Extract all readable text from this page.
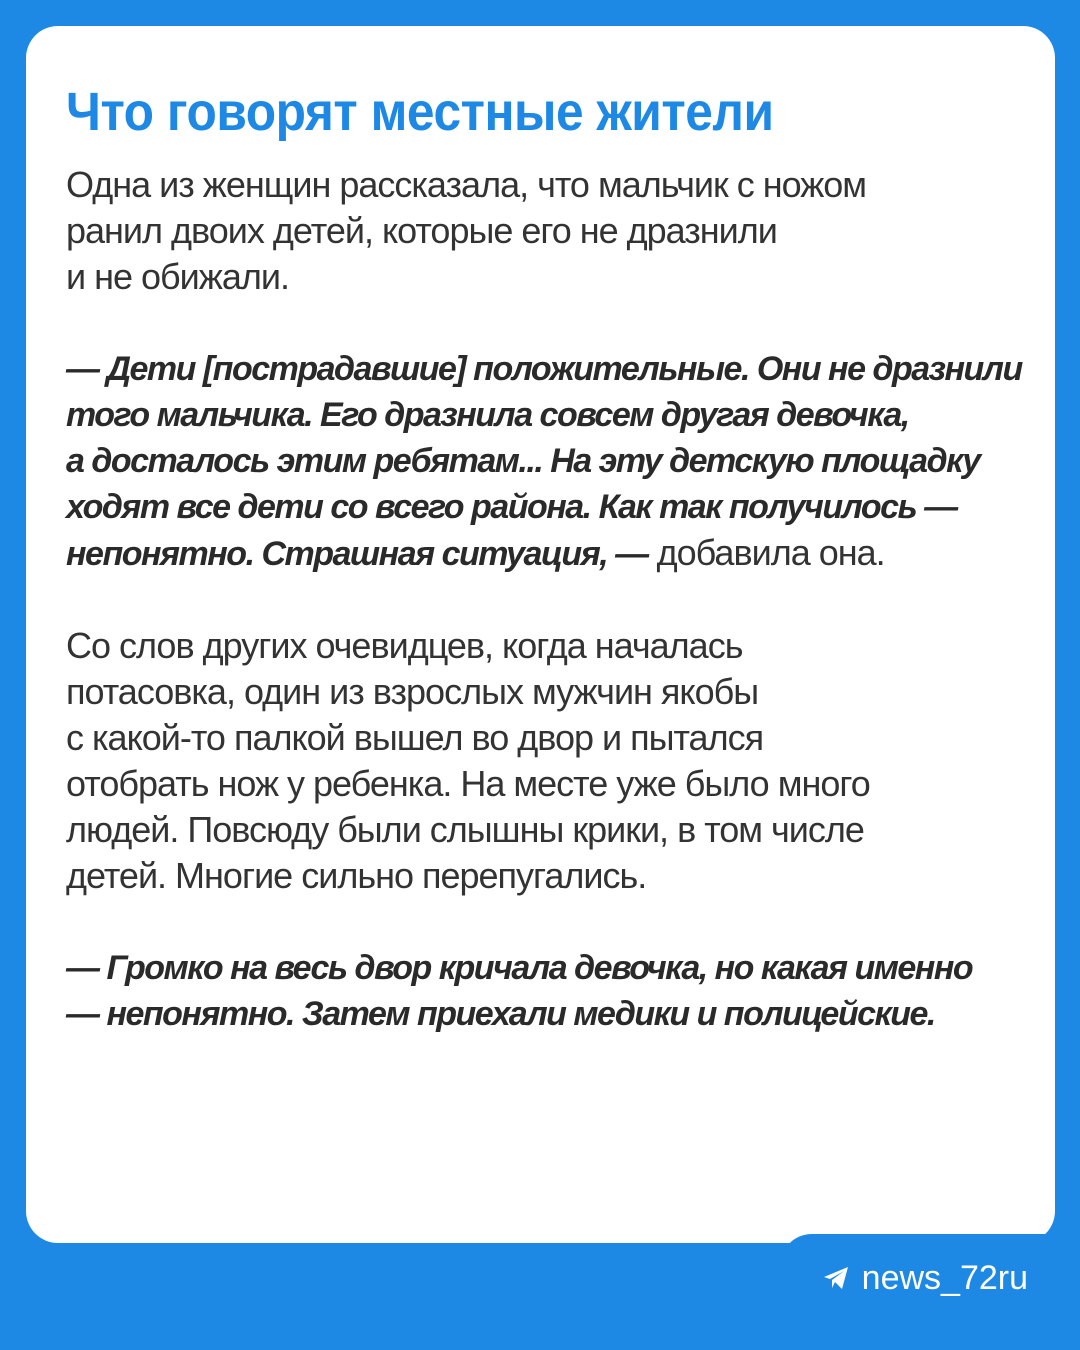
Что говорят местные жители

Одна из женщин рассказала, что мальчик с ножом
ранил двоих детей, которые его не дразнили
и не обижали.

— Дети [пострадавшие] положительные. Они не дразнили
того мальчика. Его дразнила совсем другая девочка,
а досталось этим ребятам... На эту детскую площадку
ходят все дети со всего района. Как так получилось —
непонятно. Страшная ситуация, — добавила она.

Со слов других очевидцев, когда началась
потасовка, один из взрослых мужчин якобы
с какой-то палкой вышел во двор и пытался
отобрать нож у ребенка. На месте уже было много
людей. Повсюду были слышны крики, в том числе
детей. Многие сильно перепугались.

— Громко на весь двор кричала девочка, но какая именно
— непонятно. Затем приехали медики и полицейские.

news_72ru
